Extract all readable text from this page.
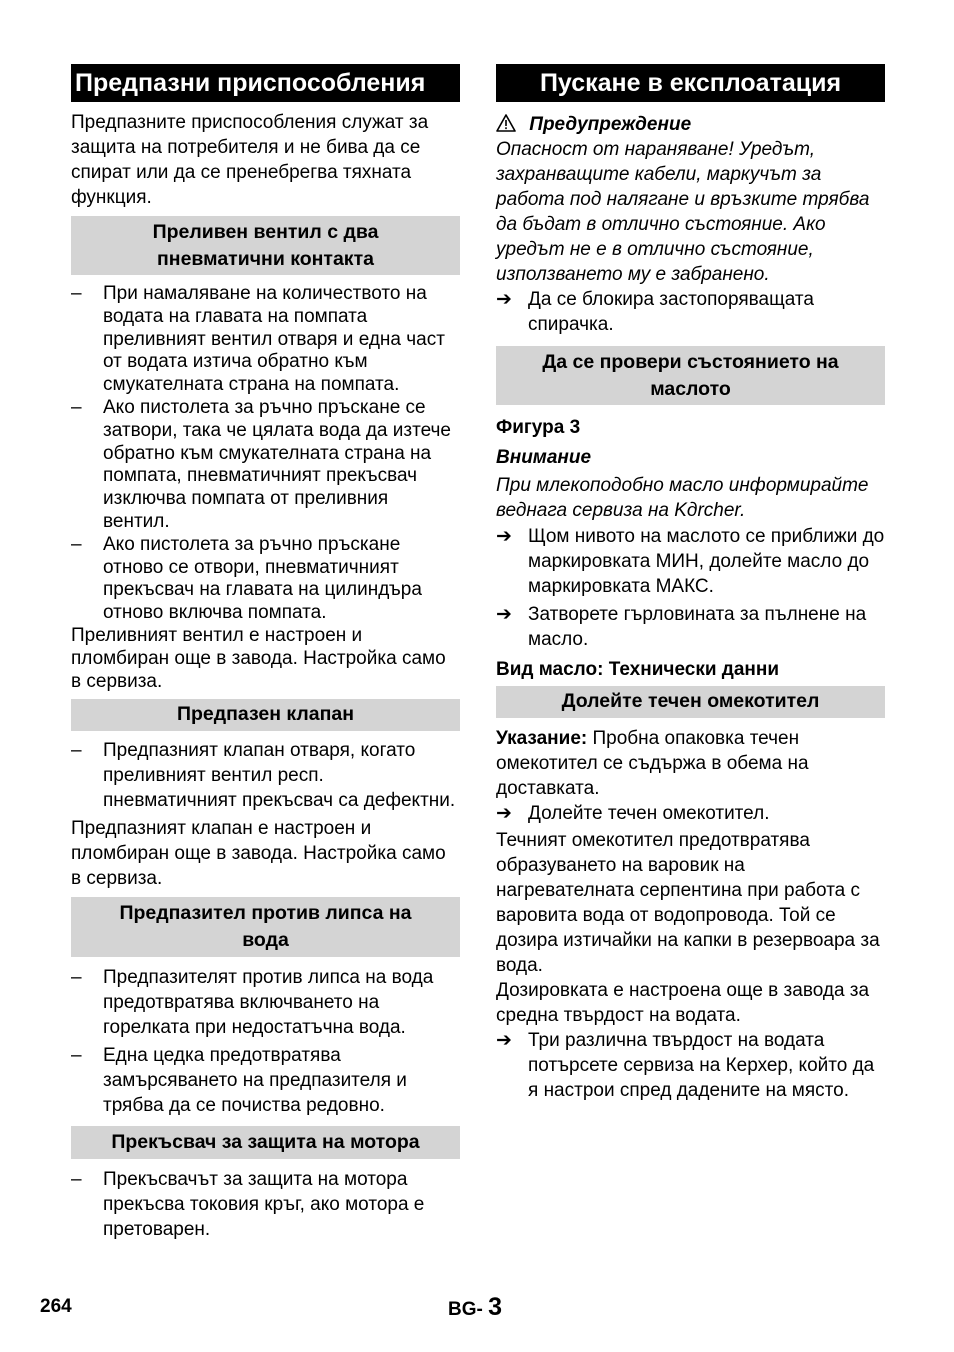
Предпазни приспособления

Предпазните приспособления служат за защита на потребителя и не бива да се спират или да се пренебрегва тяхната функция.

Преливен вентил с два
пневматични контакта
– При намаляване на количеството на водата на главата на помпата преливният вентил отваря и една част от водата изтича обратно към смукателната страна на помпата.
– Ако пистолета за ръчно пръскане се затвори, така че цялата вода да изтече обратно към смукателната страна на помпата, пневматичният прекъсвач изключва помпата от преливния вентил.
– Ако пистолета за ръчно пръскане отново се отвори, пневматичният прекъсвач на главата на цилиндъра отново включва помпата.

Преливният вентил е настроен и пломбиран още в завода. Настройка само в сервиза.

Предпазен клапан
– Предпазният клапан отваря, когато преливният вентил респ. пневматичният прекъсвач са дефектни.

Предпазният клапан е настроен и пломбиран още в завода. Настройка само в сервиза.

Предпазител против липса на
вода
– Предпазителят против липса на вода предотвратява включването на горелката при недостатъчна вода.
– Една цедка предотвратява замърсяването на предпазителя и трябва да се почиства редовно.
Прекъсвач за защита на мотора
– Прекъсвачът за защита на мотора прекъсва токовия кръг, ако мотора е претоварен.
Пускане в експлоатация
Предупреждение

Опасност от нараняване! Уредът, захранващите кабели, маркучът за работа под налягане и връзките трябва да бъдат в отлично състояние. Ако уредът не е в отлично състояние, използването му е забранено.

➔ Да се блокира застопоряващата спирачка.
Да се провери състоянието на
маслото

Фигура 3

Внимание

При млекоподобно масло информирайте веднага сервиза на Kдrcher.

➔ Щом нивото на маслото се приближи до маркировката МИН, долейте масло до маркировката МАКС.
➔ Затворете гърловината за пълнене на масло.

Вид масло: Технически данни

Долейте течен омекотител

Указание: Пробна опаковка течен омекотител се съдържа в обема на доставката.

➔ Долейте течен омекотител.

Течният омекотител предотвратява образуването на варовик на нагревателната серпентина при работа с варовита вода от водопровода. Той се дозира изтичайки на капки в резервоара за вода.

Дозировката е настроена още в завода за средна твърдост на водата.

➔ Три различна твърдост на водата потърсете сервиза на Керхер, който да я настрои спред дадените на място.
264	BG- 3
